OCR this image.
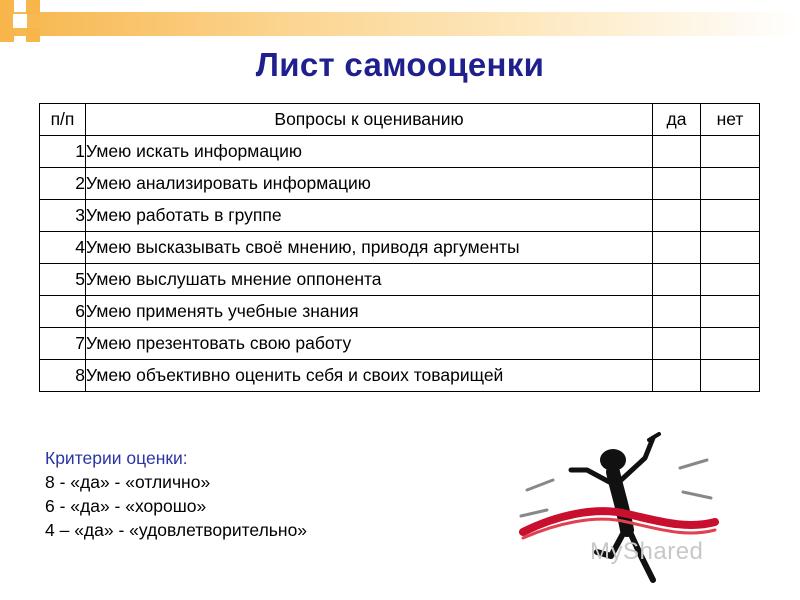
Лист самооценки
п/п	Вопросы к оцениванию	да	нет
1	Умею искать информацию		
2	Умею анализировать информацию		
3	Умею работать в группе		
4	Умею высказывать своё мнению, приводя аргументы		
5	Умею выслушать мнение оппонента		
6	Умею применять учебные знания		
7	Умею презентовать свою работу		
8	Умею объективно оценить себя и своих товарищей		
Критерии оценки:
8 - «да» - «отлично»
6 - «да» - «хорошо»
4 – «да» - «удовлетворительно»
MyShared
